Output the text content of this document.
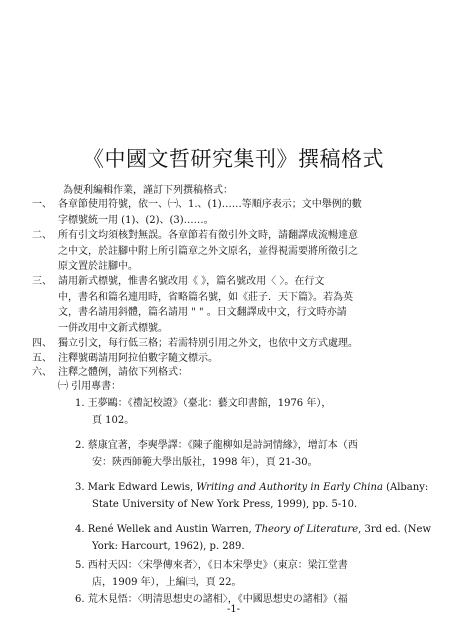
《中國文哲研究集刊》撰稿格式
為便利編輯作業，謹訂下列撰稿格式：
一、 各章節使用符號，依一、㈠、1.、(1)……等順序表示；文中舉例的數
字標號統一用 (1)、(2)、(3)……。
二、 所有引文均須核對無誤。各章節若有徵引外文時，請翻譯成流暢達意
之中文，於註腳中附上所引篇章之外文原名，並得視需要將所徵引之
原文置於註腳中。
三、 請用新式標號，惟書名號改用《 》，篇名號改用〈 〉。在行文
中，書名和篇名連用時，省略篇名號，如《莊子．天下篇》。若為英
文，書名請用斜體，篇名請用 " " 。日文翻譯成中文，行文時亦請
一併改用中文新式標號。
四、 獨立引文，每行低三格；若需特別引用之外文，也依中文方式處理。
五、 注釋號碼請用阿拉伯數字隨文標示。
六、 注釋之體例，請依下列格式：
㈠ 引用專書：
1. 王夢鷗：《禮記校證》（臺北：藝文印書館，1976 年），
頁 102。
2. 蔡康宜著，李奭學譯：《陳子龍柳如是詩詞情緣》，增訂本（西
安：陝西師範大學出版社，1998 年），頁 21-30。
3. Mark Edward Lewis, Writing and Authority in Early China (Albany:
State University of New York Press, 1999), pp. 5-10.
4. René Wellek and Austin Warren, Theory of Literature, 3rd ed. (New
York: Harcourt, 1962), p. 289.
5. 西村天囚：〈宋學傳來者〉，《日本宋學史》（東京：梁江堂書
店，1909 年），上編㈢，頁 22。
6. 荒木見悟：〈明清思想史の諸相〉，《中國思想史の諸相》（福
-1-
